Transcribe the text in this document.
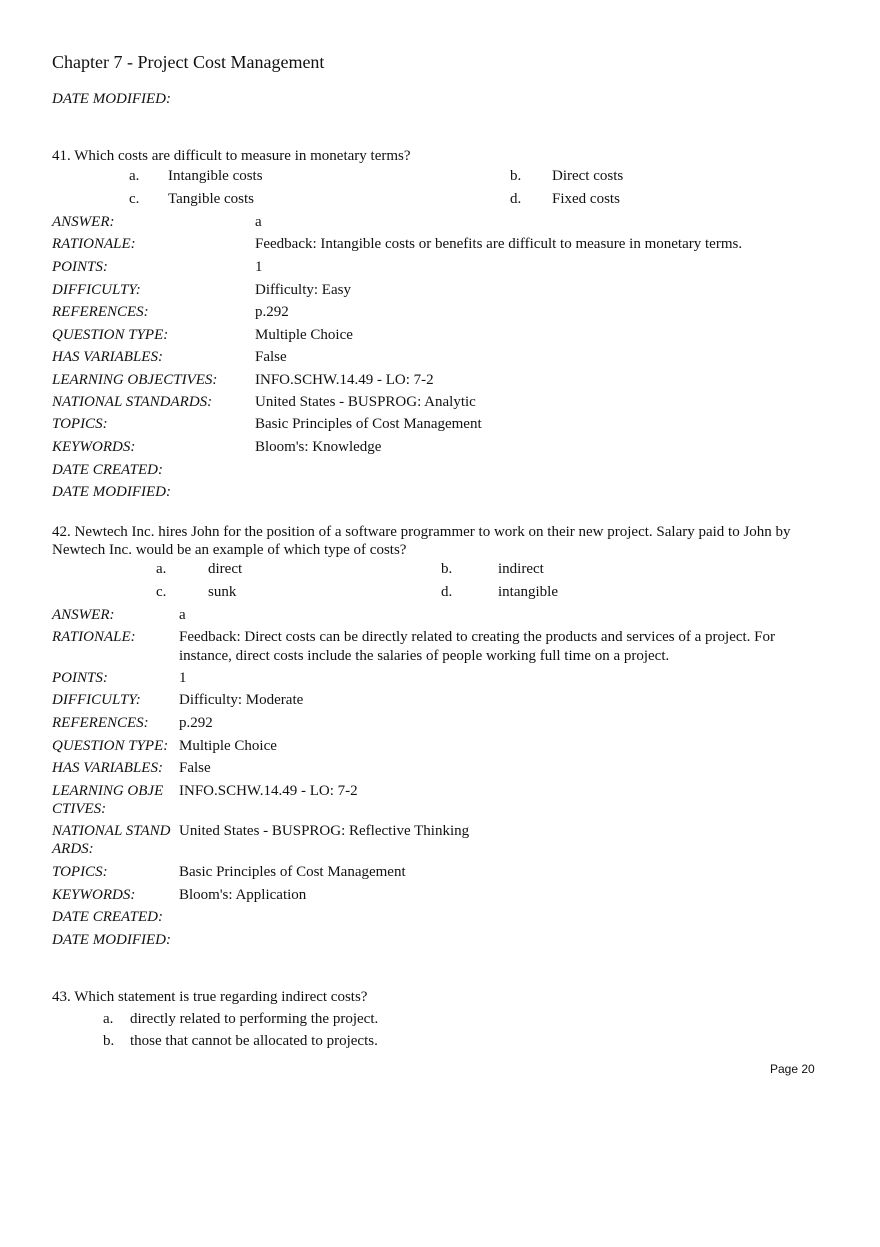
Chapter 7 - Project Cost Management
DATE MODIFIED:
41. Which costs are difficult to measure in monetary terms?
a. Intangible costs	b. Direct costs
c. Tangible costs	d. Fixed costs
ANSWER:	a
RATIONALE:	Feedback: Intangible costs or benefits are difficult to measure in monetary terms.
POINTS:	1
DIFFICULTY:	Difficulty: Easy
REFERENCES:	p.292
QUESTION TYPE:	Multiple Choice
HAS VARIABLES:	False
LEARNING OBJECTIVES:	INFO.SCHW.14.49 - LO: 7-2
NATIONAL STANDARDS:	United States - BUSPROG: Analytic
TOPICS:	Basic Principles of Cost Management
KEYWORDS:	Bloom's: Knowledge
DATE CREATED:
DATE MODIFIED:
42. Newtech Inc. hires John for the position of a software programmer to work on their new project. Salary paid to John by Newtech Inc. would be an example of which type of costs?
a.	direct	b.	indirect
c.	sunk	d.	intangible
ANSWER:	a
RATIONALE:	Feedback: Direct costs can be directly related to creating the products and services of a project. For instance, direct costs include the salaries of people working full time on a project.
POINTS:	1
DIFFICULTY:	Difficulty: Moderate
REFERENCES: p.292
QUESTION TYPE: Multiple Choice
HAS VARIABLES: False
LEARNING OBJE
CTIVES:
INFO.SCHW.14.49 - LO: 7-2
NATIONAL STAND
ARDS:
United States - BUSPROG: Reflective Thinking
TOPICS:	Basic Principles of Cost Management
KEYWORDS:	Bloom's: Application
DATE CREATED:
DATE MODIFIED:
43. Which statement is true regarding indirect costs?
a. directly related to performing the project.
b. those that cannot be allocated to projects.
Page 20
